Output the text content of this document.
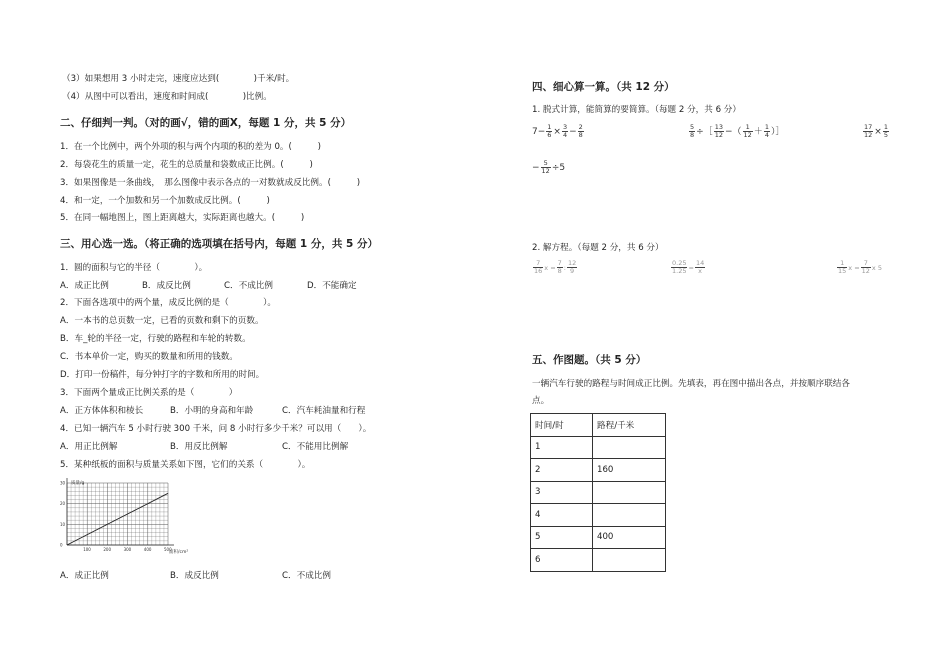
（3）如果想用 3 小时走完，速度应达到(　　　　)千米/时。
（4）从图中可以看出，速度和时间成(　　　　)比例。
二、仔细判一判。（对的画√，错的画X，每题 1 分，共 5 分）
1．在一个比例中，两个外项的积与两个内项的积的差为 0。(　　　)
2．每袋花生的质量一定，花生的总质量和袋数成正比例。(　　　)
3．如果图像是一条曲线，　那么图像中表示各点的一对数就成反比例。(　　　)
4．和一定，一个加数和另一个加数成反比例。(　　　)
5．在同一幅地图上，图上距离越大，实际距离也越大。(　　　)
三、用心选一选。（将正确的选项填在括号内，每题 1 分，共 5 分）
1．圆的面积与它的半径（　　　　）。
A．成正比例	B．成反比例	C．不成比例	D．不能确定
2．下面各选项中的两个量，成反比例的是（　　　　）。
A．一本书的总页数一定，已看的页数和剩下的页数。
B．车_轮的半径一定，行驶的路程和车轮的转数。
C．书本单价一定，购买的数量和所用的钱数。
D．打印一份稿件，每分钟打字的字数和所用的时间。
3．下面两个量成正比例关系的是（　　　　）
A．正方体体积和棱长	B．小明的身高和年龄	C．汽车耗油量和行程
4．已知一辆汽车 5 小时行驶 300 千米，问 8 小时行多少千米？可以用（　　）。
A．用正比例解	B．用反比例解	C．不能用比例解
5．某种纸板的面积与质量关系如下图，它们的关系（　　　　）。
100	200	300	400	500
0
10
20
30 质量/g
面积/cm²
A．成正比例	B．成反比例	C．不成比例
四、细心算一算。（共 12 分）
1. 脱式计算，能简算的要简算。（每题 2 分，共 6 分）
$7- \frac{1}{6} \times \frac{3}{4} - \frac{2}{8}$	$\frac{5}{8}$ ÷［ $\frac{13}{12}$ −（ $\frac{1}{12} + \frac{1}{4}$ ）］	$\frac{17}{12} \times \frac{1}{5}$
− $\frac{5}{12} \div 5$
2. 解方程。（每题 2 分，共 6 分）
$\frac{7}{16}$ $x = \frac{7}{8}$ : $\frac{12}{9}$	$\frac{0.25}{1.25} = \frac{14}{x}$	$\frac{1}{15}$ $x = \frac{7}{12}$ x 5
五、作图题。（共 5 分）
一辆汽车行驶的路程与时间成正比例。先填表，再在图中描出各点，并按顺序联结各
点。
时间/时	路程/千米
1	
2	160
3	
4	
5	400
6	
